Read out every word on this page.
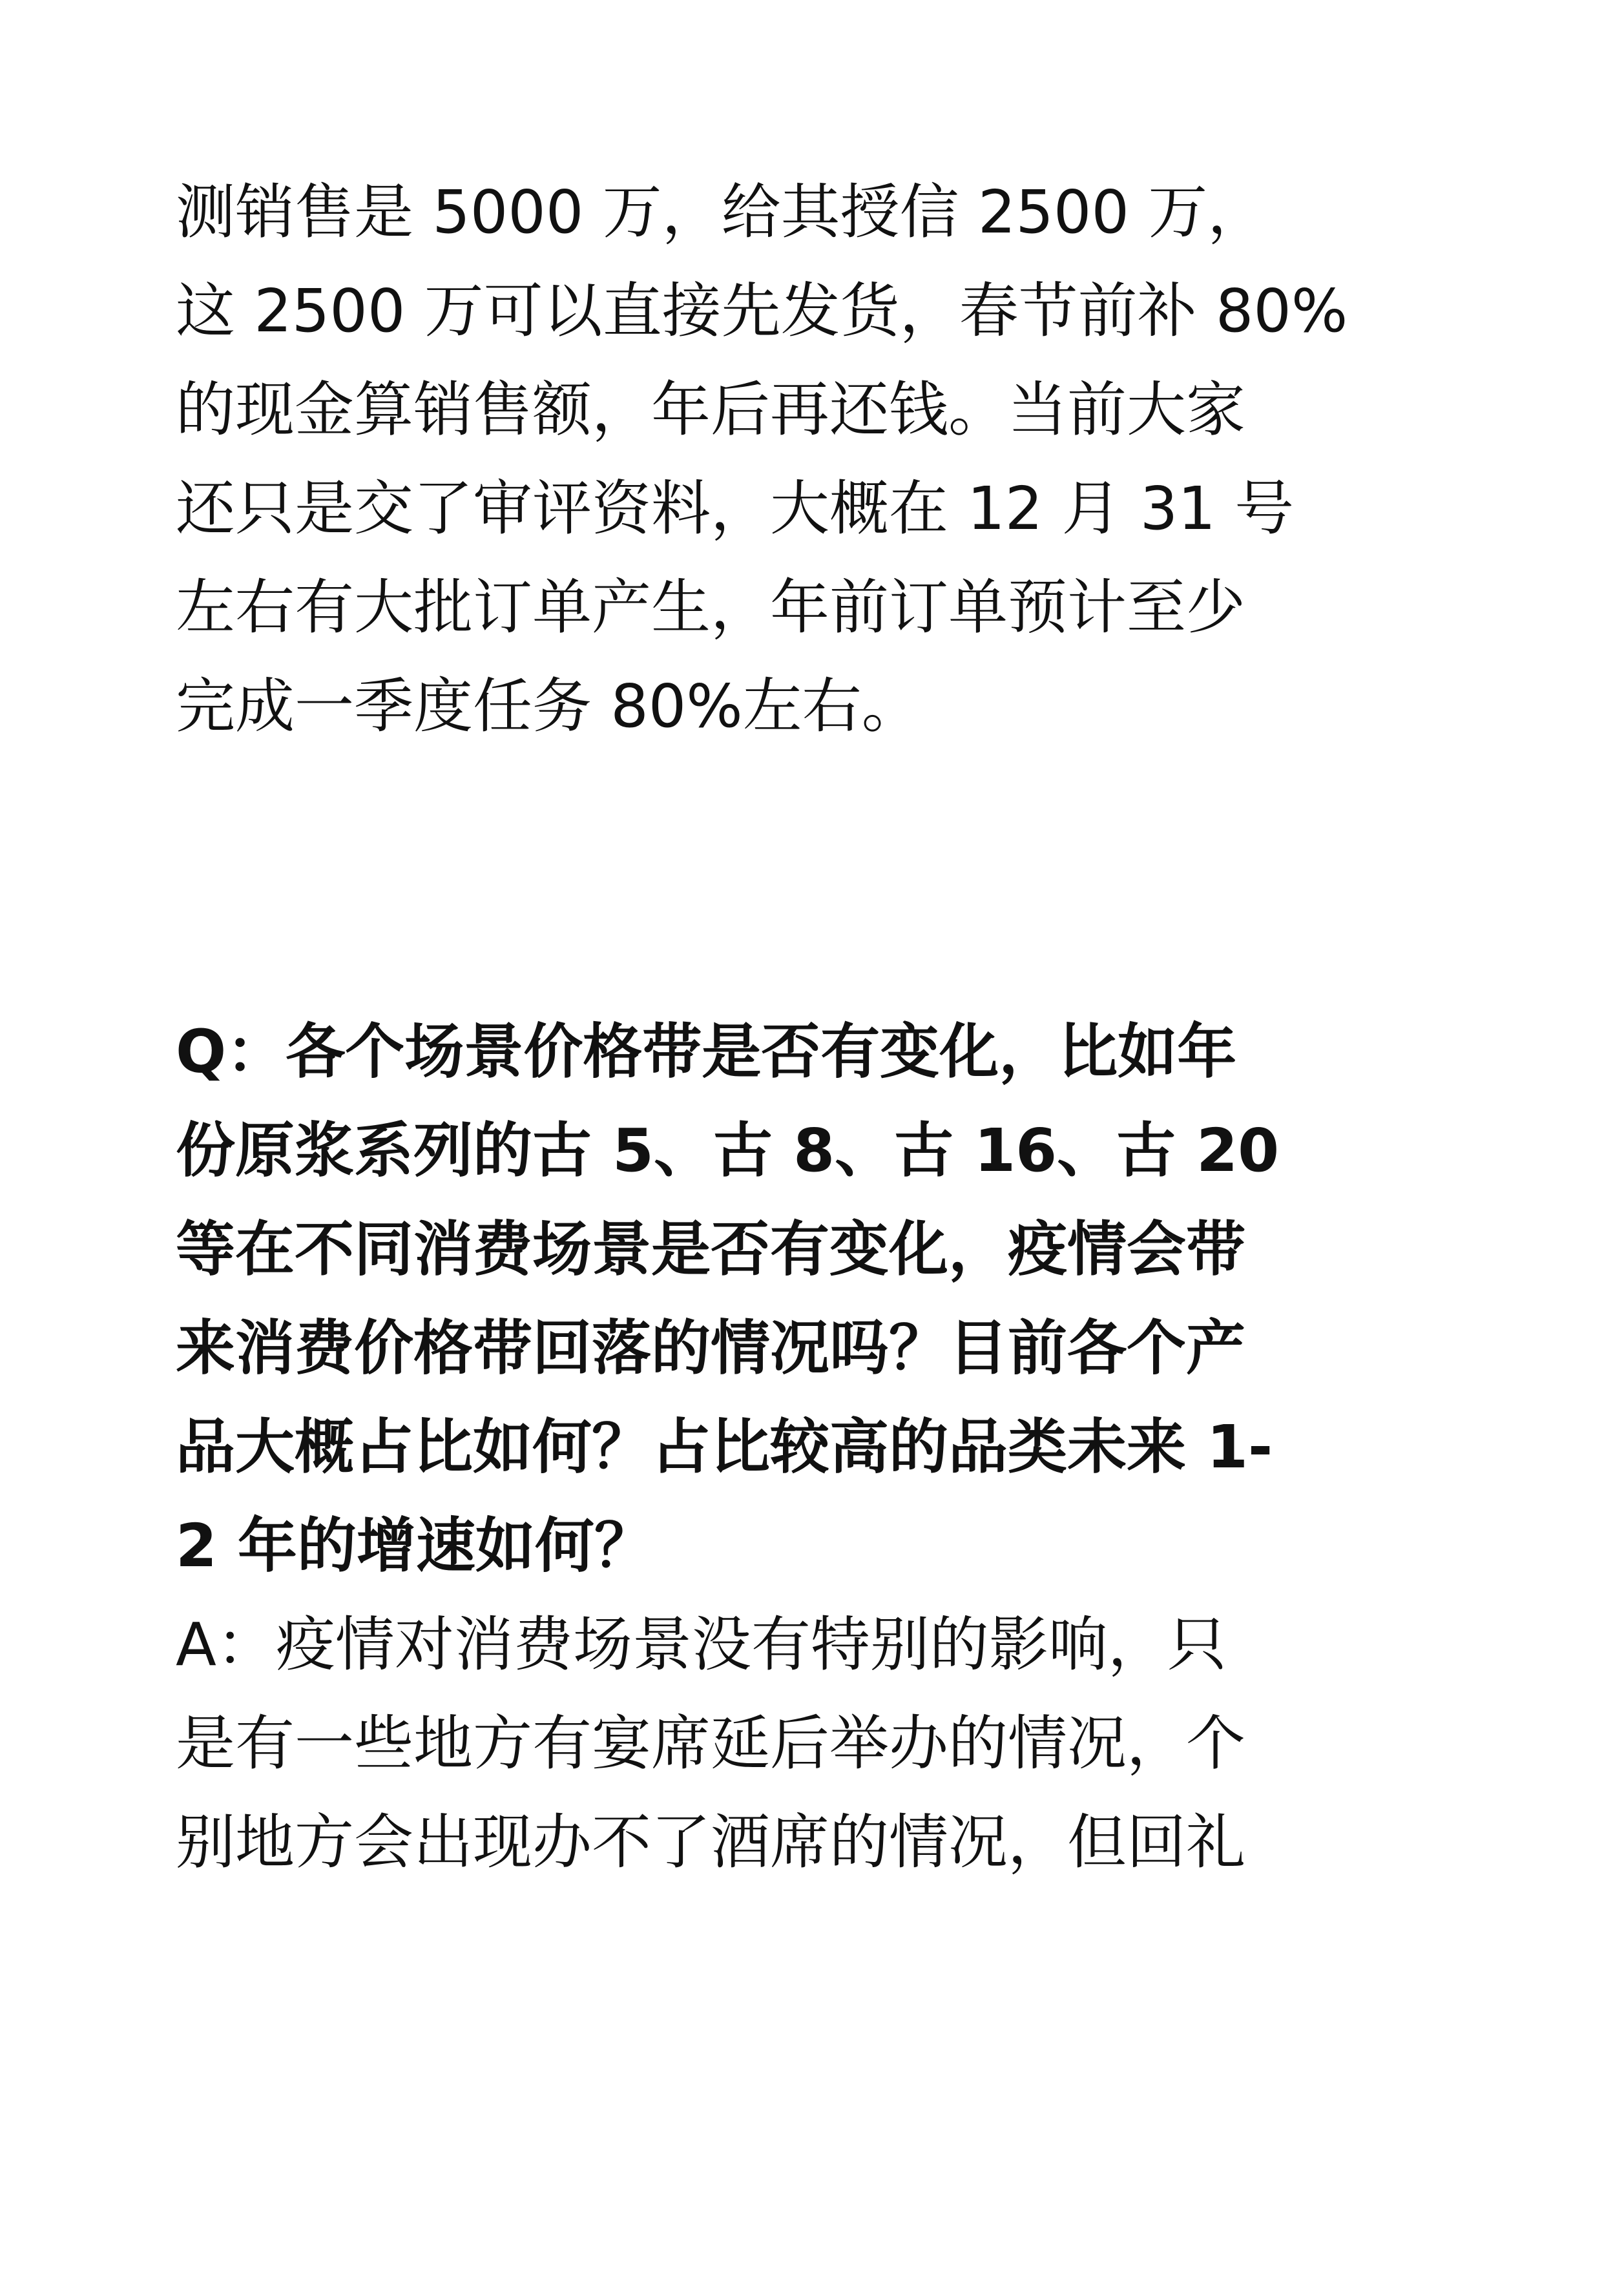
测销售是 5000 万，给其授信 2500 万，
这 2500 万可以直接先发货，春节前补 80%
的现金算销售额，年后再还钱。当前大家
还只是交了审评资料，大概在 12 月 31 号
左右有大批订单产生，年前订单预计至少
完成一季度任务 80%左右。
Q：各个场景价格带是否有变化，比如年
份原浆系列的古 5、古 8、古 16、古 20
等在不同消费场景是否有变化，疫情会带
来消费价格带回落的情况吗？目前各个产
品大概占比如何？占比较高的品类未来 1-
2 年的增速如何？
A：疫情对消费场景没有特别的影响，只
是有一些地方有宴席延后举办的情况，个
别地方会出现办不了酒席的情况，但回礼
